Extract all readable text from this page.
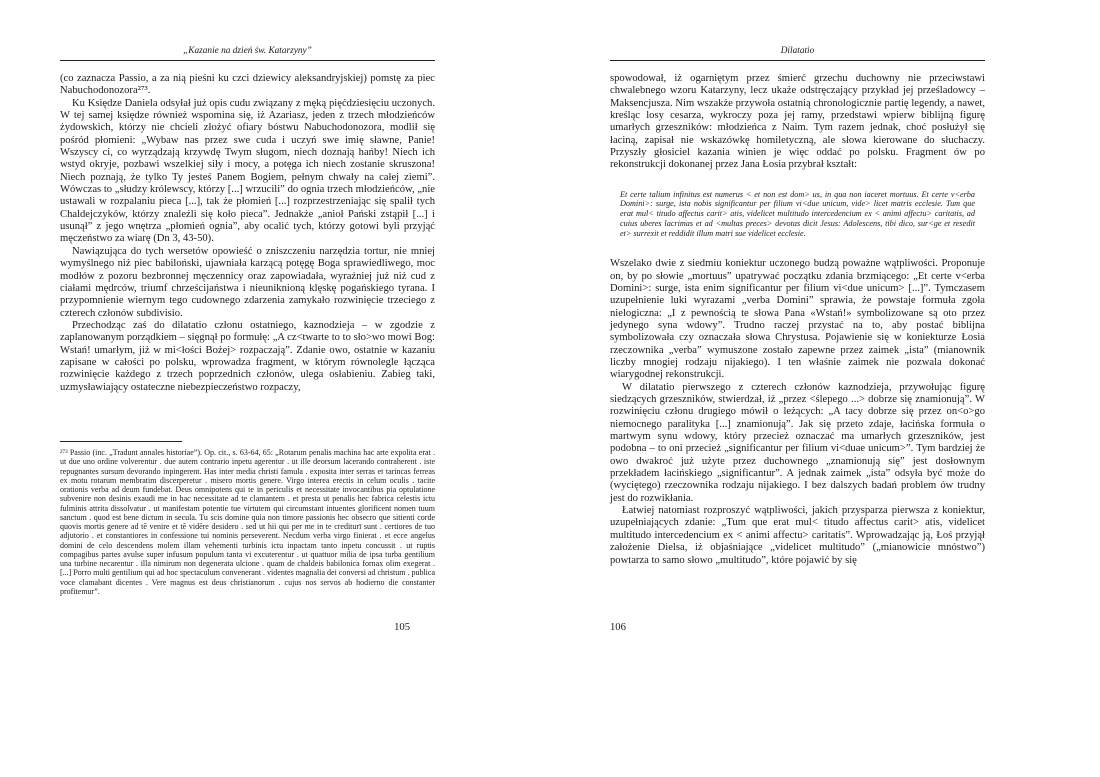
„Kazanie na dzień św. Katarzyny”

(co zaznacza Passio, a za nią pieśni ku czci dziewicy aleksandryjskiej) pomstę za piec Nabuchodonozora²⁷³.

Ku Księdze Daniela odsyłał już opis cudu związany z męką pięćdziesięciu uczonych. W tej samej księdze również wspomina się, iż Azariasz, jeden z trzech młodzieńców żydowskich, którzy nie chcieli złożyć ofiary bóstwu Nabuchodonozora, modlił się pośród płomieni: „Wybaw nas przez swe cuda i uczyń swe imię sławne, Panie! Wszyscy ci, co wyrządzają krzywdę Twym sługom, niech doznają hańby! Niech ich wstyd okryje, pozbawi wszelkiej siły i mocy, a potęga ich niech zostanie skruszona! Niech poznają, że tylko Ty jesteś Panem Bogiem, pełnym chwały na całej ziemi”. Wówczas to „słudzy królewscy, którzy [...] wrzucili” do ognia trzech młodzieńców, „nie ustawali w rozpalaniu pieca [...], tak że płomień [...] rozprzestrzeniając się spalił tych Chaldejczyków, którzy znaleźli się koło pieca”. Jednakże „anioł Pański zstąpił [...] i usunął” z jego wnętrza „płomień ognia”, aby ocalić tych, którzy gotowi byli przyjąć męczeństwo za wiarę (Dn 3, 43-50).

Nawiązująca do tych wersetów opowieść o zniszczeniu narzędzia tortur, nie mniej wymyślnego niż piec babiloński, ujawniała karzącą potęgę Boga sprawiedliwego, moc modłów z pozoru bezbronnej męczennicy oraz zapowiadała, wyraźniej już niż cud z ciałami mędrców, triumf chrześcijaństwa i nieuniknioną klęskę pogańskiego tyrana. I przypomnienie wiernym tego cudownego zdarzenia zamykało rozwinięcie trzeciego z czterech członów subdivisio.

Przechodząc zaś do dilatatio członu ostatniego, kaznodzieja – w zgodzie z zaplanowanym porządkiem – sięgnął po formułę: „A cz<twarte to to sło>wo mowi Bog: Wstań! umarłym, jiż w mi<łości Bożej> rozpaczają”. Zdanie owo, ostatnie w kazaniu zapisane w całości po polsku, wprowadza fragment, w którym równolegle łącząca rozwinięcie każdego z trzech poprzednich członów, ulega osłabieniu. Zabieg taki, uzmysławiający ostateczne niebezpieczeństwo rozpaczy,

²⁷³ Passio (inc. „Tradunt annales historiae”). Op. cit., s. 63-64, 65: „Rotarum penalis machina hac arte expolita erat . ut due uno ordine volverentur . due autem contrario inpetu agerentur . ut ille deorsum lacerando contraherent . iste repugnantes sursum devorando inpingerent. Has inter media christi famula . exposita inter serras et tarincas ferreas ex motu rotarum membratim discerperetur . misero mortis genere. Virgo interea erectis in celum oculis . tacite orationis verba ad deum fundebat. Deus omnipotens qui te in periculis et necessitate invocantibus pia optulatione subvenire non desinis exaudi me in hac necessitate ad te clamantem . et presta ut penalis hec fabrica celestis ictu fulminis attrita dissolvatur . ut manifestam potentie tue virtutem qui circumstant intuentes glorificent nomen tuum sanctum . quod est bene dictum in secula. Tu scis domine quia non timore passionis hec obsecro que sitienti corde quovis mortis genere ad tē venire et tē vidēre desidero . sed ut hii qui per me in te crediturī sunt . certiores de tuo adjutorio . et constantiores in confessione tui nominis perseverent. Necdum verba virgo finierat . et ecce angelus domini de celo descendens molem illam vehementi turbinis ictu inpactam tanto inpetu concussit . ut ruptis compagibus partes avulse super infusum populum tanta vi excuterentur . ut quattuor milia de ipsa turba gentilium una turbine necarentur . illa nimirum non degenerata ulcione . quam de chaldeis babilonica fornax olim exegerat . [...] Porro multi gentilium qui ad hoc spectaculum convenerant . videntes magnalia dei conversi ad christum . publica voce clamabant dicentes . Vere magnus est deus christianorum . cujus nos servos ab hodierno die constanter profitemur”.

105
Dilatatio

spowodował, iż ogarniętym przez śmierć grzechu duchowny nie przeciwstawi chwalebnego wzoru Katarzyny, lecz ukaże odstręczający przykład jej prześladowcy – Maksencjusza. Nim wszakże przywoła ostatnią chronologicznie partię legendy, a nawet, kreśląc losy cesarza, wykroczy poza jej ramy, przedstawi wpierw biblijną figurę umarłych grzeszników: młodzieńca z Naim. Tym razem jednak, choć posłużył się łaciną, zapisał nie wskazówkę homiletyczną, ale słowa kierowane do słuchaczy. Przyszły głosiciel kazania winien je więc oddać po polsku. Fragment ów po rekonstrukcji dokonanej przez Jana Łosia przybrał kształt:

Et certe talium infinitus est numerus < et non est dom> us, in qua non iaceret mortuus. Et certe v<erba Domini>: surge, ista nobis significantur per filium vi<due unicum, vide> licet matris ecclesie. Tum que erat mul< titudo affectus carit> atis, videlicet multitudo intercedencium ex < animi affectu> caritatis, ad cuius uberes lacrimas et ad <multas preces> devotas dicit Jesus: Adolescens, tibi dico, sur<ge et resedit et> surrexit et reddidit illum matri sue videlicet ecclesie.

Wszelako dwie z siedmiu koniektur uczonego budzą poważne wątpliwości. Proponuje on, by po słowie „mortuus” upatrywać początku zdania brzmiącego: „Et certe v<erba Domini>: surge, ista enim significantur per filium vi<due unicum> [...]”. Tymczasem uzupełnienie luki wyrazami „verba Domini” sprawia, że powstaje formuła zgoła nielogiczna: „I z pewnością te słowa Pana «Wstań!» symbolizowane są oto przez jedynego syna wdowy”. Trudno raczej przystać na to, aby postać biblijna symbolizowała czy oznaczała słowa Chrystusa. Pojawienie się w koniekturze Łosia rzeczownika „verba” wymuszone zostało zapewne przez zaimek „ista” (mianownik liczby mnogiej rodzaju nijakiego). I ten właśnie zaimek nie pozwala dokonać wiarygodnej rekonstrukcji.

W dilatatio pierwszego z czterech członów kaznodzieja, przywołując figurę siedzących grzeszników, stwierdzał, iż „przez <ślepego ...> dobrze się znamionują”. W rozwinięciu członu drugiego mówił o leżących: „A tacy dobrze się przez on<o>go niemocnego paralityka [...] znamionują”. Jak się przeto zdaje, łacińska formuła o martwym synu wdowy, który przecież oznaczać ma umarłych grzeszników, jest podobna – to oni przecież „significantur per filium vi<duae unicum>”. Tym bardziej że owo dwakroć już użyte przez duchownego „znamionują się” jest dosłownym przekładem łacińskiego „significantur”. A jednak zaimek „ista” odsyła być może do (wyciętego) rzeczownika rodzaju nijakiego. I bez dalszych badań problem ów trudny jest do rozwikłania.

Łatwiej natomiast rozproszyć wątpliwości, jakich przysparza pierwsza z koniektur, uzupełniających zdanie: „Tum que erat mul< titudo affectus carit> atis, videlicet multitudo intercedencium ex < animi affectu> caritatis”. Wprowadzając ją, Łoś przyjął założenie Dielsa, iż objaśniające „videlicet multitudo” („mianowicie mnóstwo”) powtarza to samo słowo „multitudo”, które pojawić by się

106
